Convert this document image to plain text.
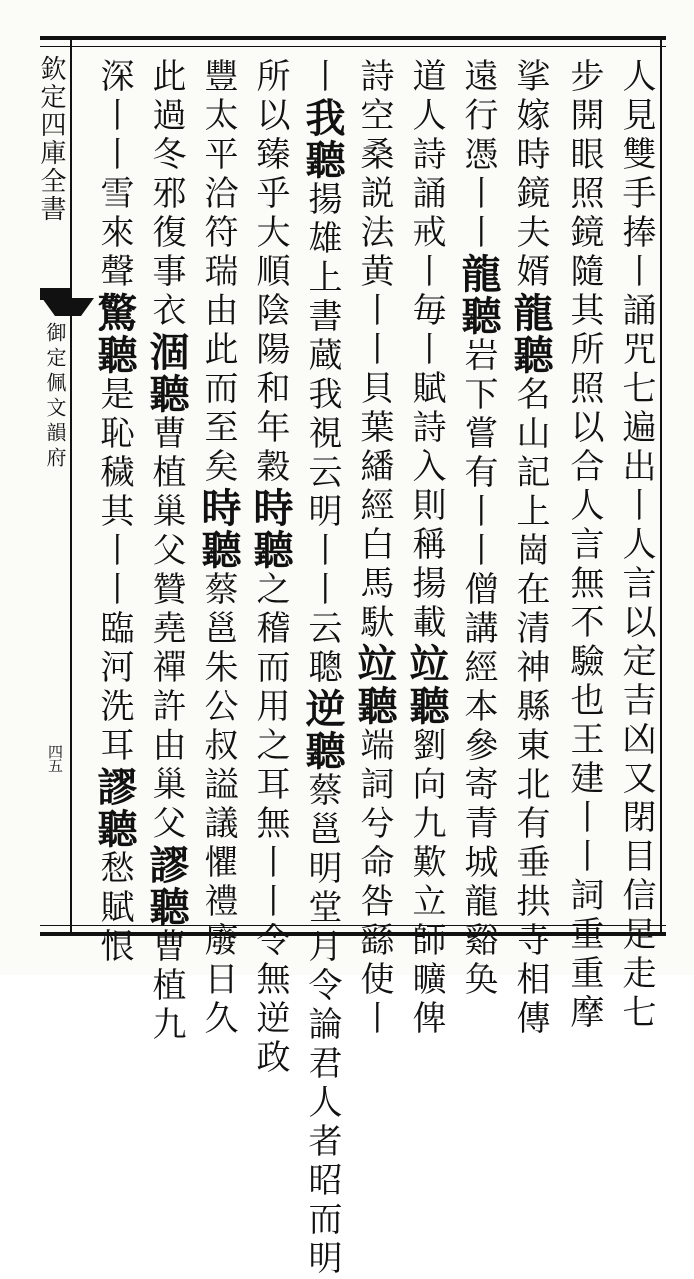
欽定四庫全書
御定佩文韻府
四五	人見雙手捧丨誦咒七遍出丨人言以定吉凶又閉目信足走七
步開眼照鏡隨其所照以合人言無不驗也王建丨丨詞重重摩
挲嫁時鏡夫婿龍聽名山記上崗在清神縣東北有垂拱寺相傳
遠行憑丨丨龍聽岩下嘗有丨丨僧講經本參寄青城龍谿奂
道人詩誦戒丨毎丨賦詩入則稱揚載竝聽劉向九歎立師曠俾
詩空桑説法黄丨丨貝葉繙經白馬馱竝聽端詞兮命咎繇使丨
丨我聽揚雄上書蔵我視云明丨丨云聰逆聽蔡邕明堂月令論君人者昭而明
所以臻乎大順陰陽和年穀時聽之稽而用之耳無丨丨令無逆政
豐太平洽符瑞由此而至矣時聽蔡邕朱公叔謚議懼禮廢日久
此過冬邪復事衣涸聽曹植巢父贊堯禪許由巢父謬聽曹植九
深丨丨雪來聲驚聽是恥穢其丨丨臨河洗耳謬聽愁賦恨
